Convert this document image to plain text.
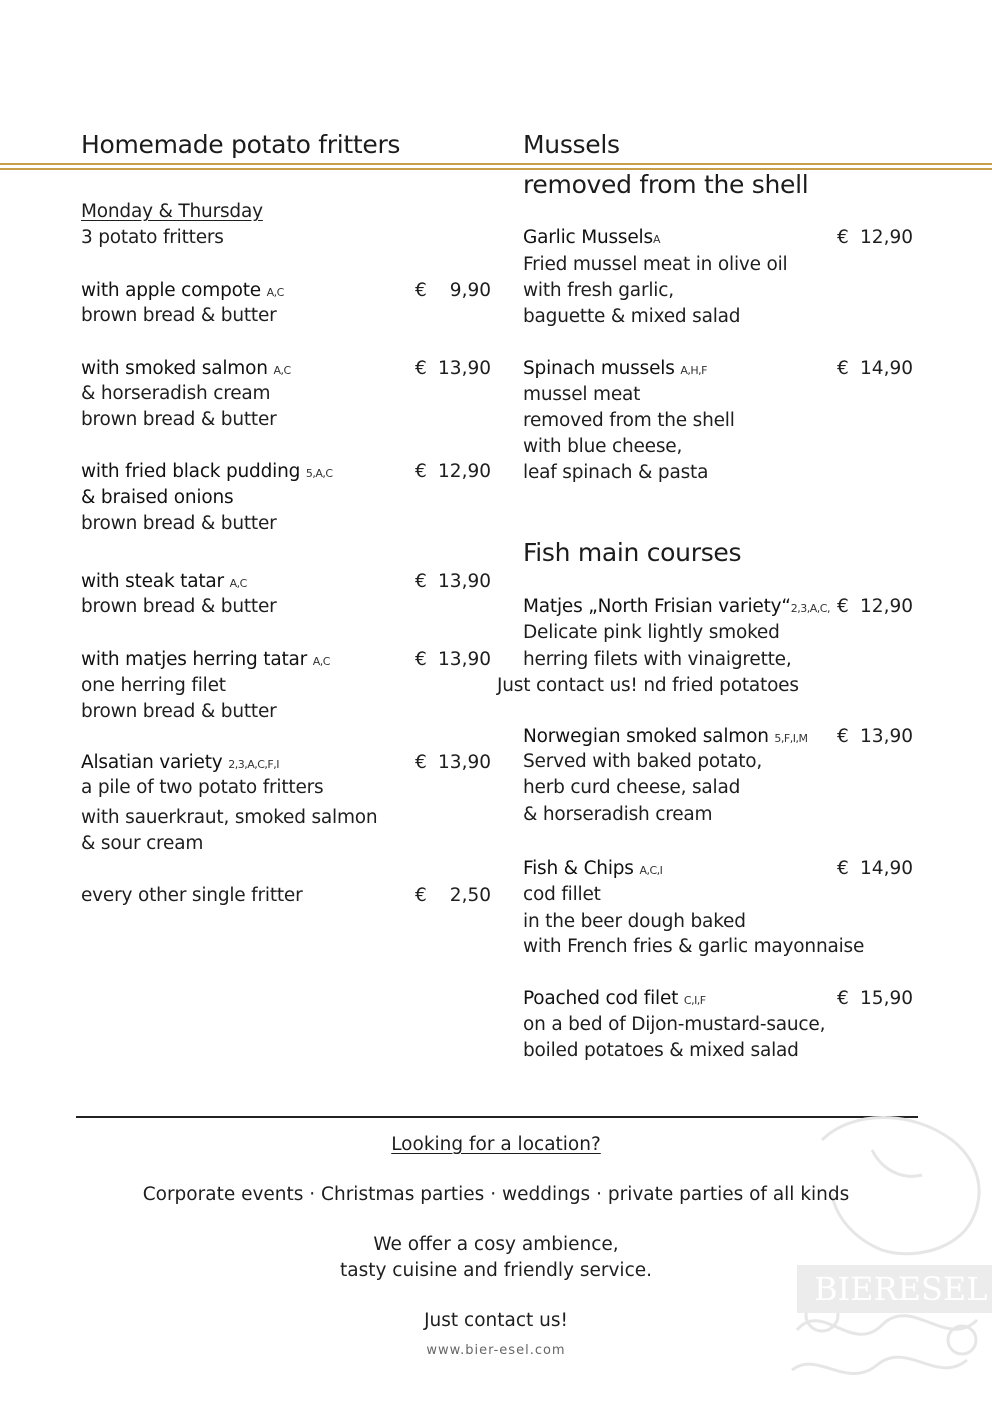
Homemade potato fritters	Mussels
removed from the shell
Monday & Thursday
3 potato fritters
with apple compote A,C	€	9,90
brown bread & butter
with smoked salmon A,C	€ 13,90
& horseradish cream
brown bread & butter
with fried black pudding 5,A,C	€ 12,90
& braised onions
brown bread & butter
with steak tatar A,C	€ 13,90
brown bread & butter
with matjes herring tatar A,C	€ 13,90
one herring filet
brown bread & butter
Alsatian variety 2,3,A,C,F,I	€ 13,90
a pile of two potato fritters
with sauerkraut, smoked salmon
& sour cream
every other single fritter	€	2,50
Garlic MusselsA	€ 12,90
Fried mussel meat in olive oil
with fresh garlic,
baguette & mixed salad
Spinach mussels A,H,F	€ 14,90
mussel meat
removed from the shell
with blue cheese,
leaf spinach & pasta
Fish main courses
Matjes „North Frisian variety“2,3,A,C, € 12,90
Delicate pink lightly smoked
herring filets with vinaigrette,
Just contact us! nd fried potatoes
Norwegian smoked salmon 5,F,I,M € 13,90
Served with baked potato,
herb curd cheese, salad
& horseradish cream
Fish & Chips A,C,I	€ 14,90
cod fillet
in the beer dough baked
with French fries & garlic mayonnaise
Poached cod filet C,I,F	€ 15,90
on a bed of Dijon-mustard-sauce,
boiled potatoes & mixed salad
BIERESEL
Looking for a location?
Corporate events · Christmas parties · weddings · private parties of all kinds
We offer a cosy ambience,
tasty cuisine and friendly service.
Just contact us!
www.bier-esel.com
